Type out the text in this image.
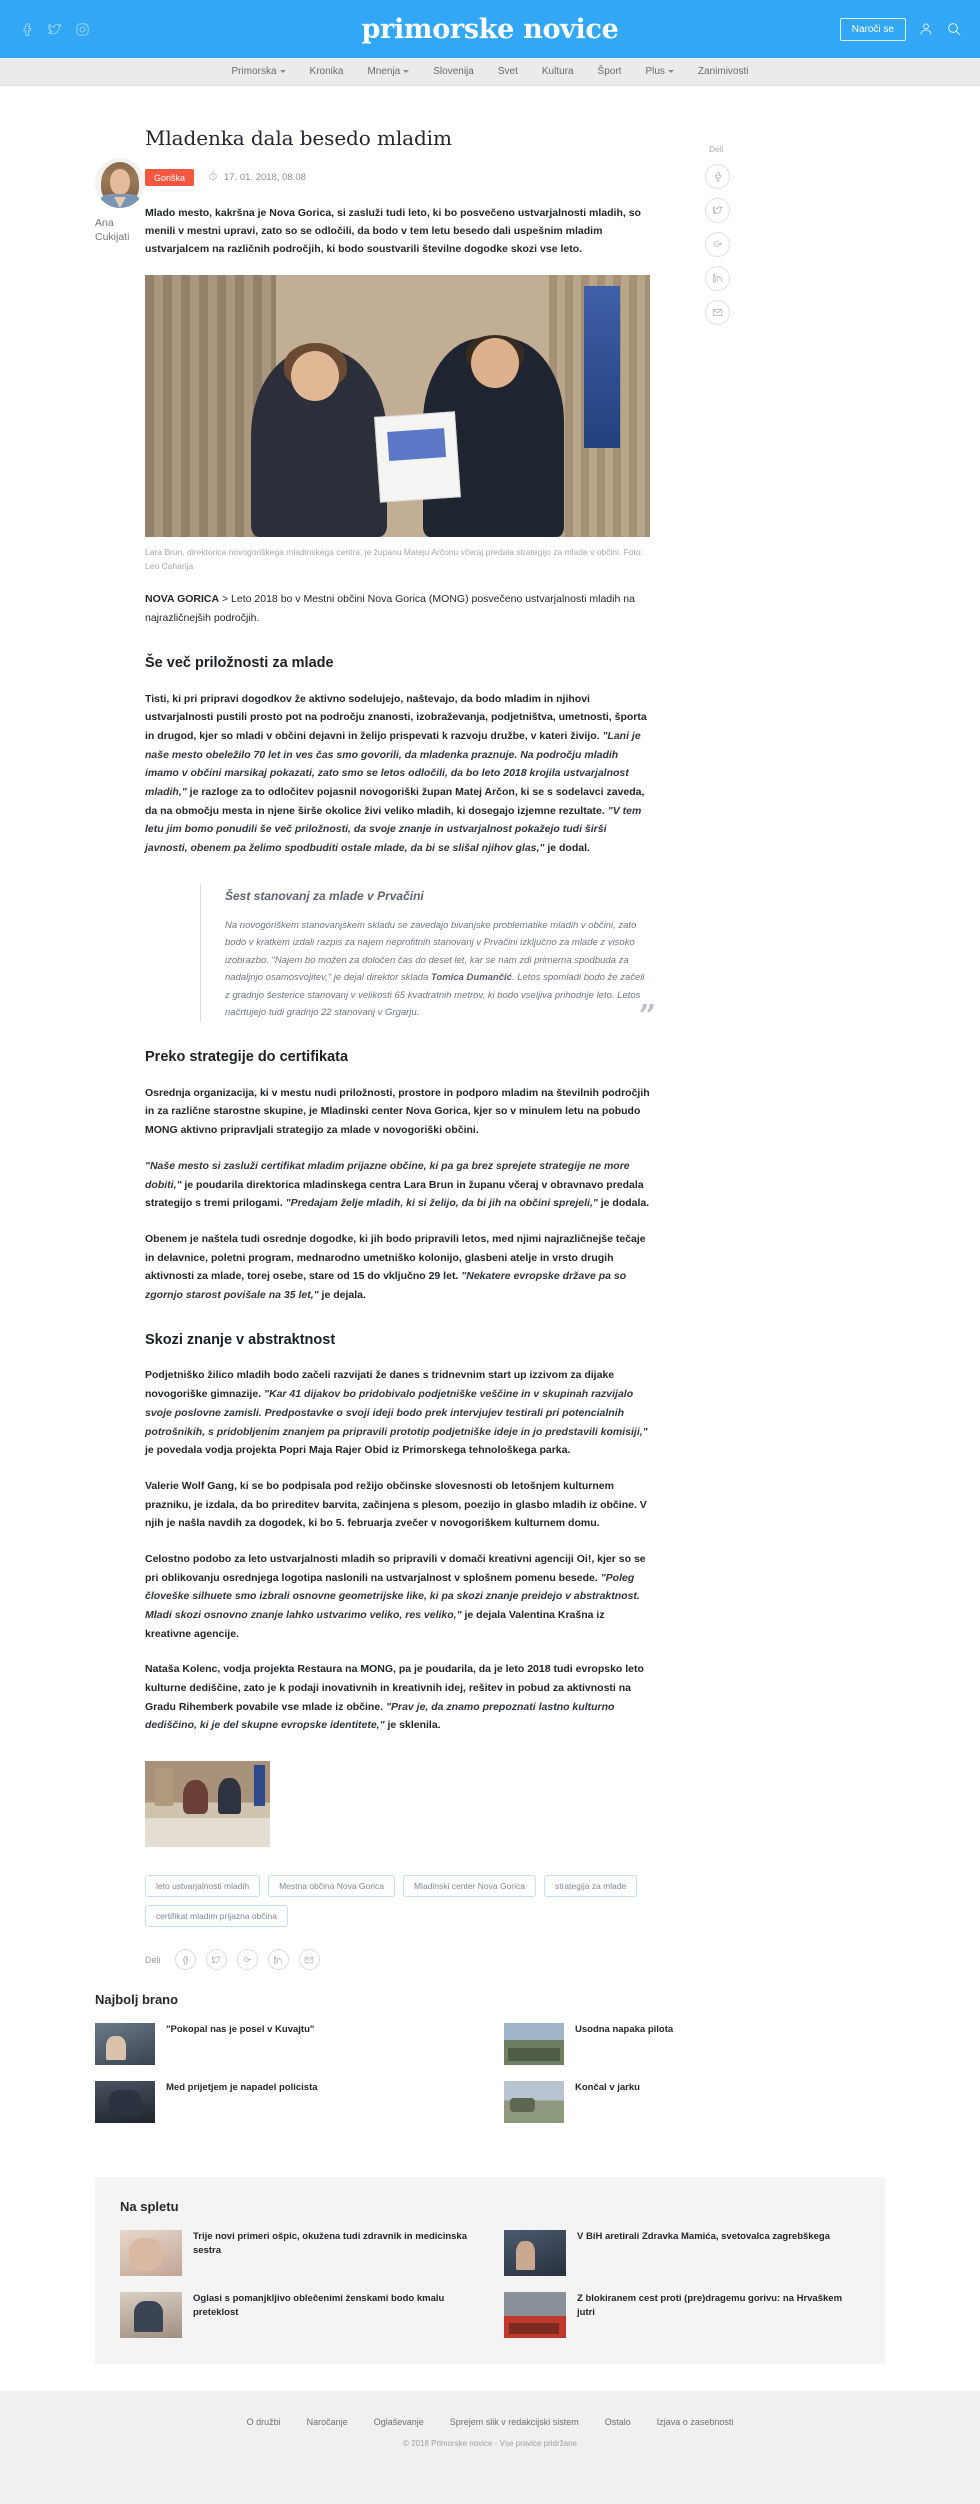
primorske novice	Naroči se
Primorska	Kronika Mnenja	Slovenija Svet Kultura Šport Plus	Zanimivosti
Ana Cukijati
Mladenka dala besedo mladim
Goriška	17. 01. 2018, 08.08

Mlado mesto, kakršna je Nova Gorica, si zasluži tudi leto, ki bo posvečeno ustvarjalnosti mladih, so menili v mestni upravi, zato so se odločili, da bodo v tem letu besedo dali uspešnim mladim ustvarjalcem na različnih področjih, ki bodo soustvarili številne dogodke skozi vse leto.

Lara Brun, direktorica novogoriškega mladinskega centra, je županu Mateju Arčonu včeraj predala strategijo za mlade v občini. Foto: Leo Caharija

NOVA GORICA > Leto 2018 bo v Mestni občini Nova Gorica (MONG) posvečeno ustvarjalnosti mladih na najrazličnejših področjih.

Še več priložnosti za mlade

Tisti, ki pri pripravi dogodkov že aktivno sodelujejo, naštevajo, da bodo mladim in njihovi ustvarjalnosti pustili prosto pot na področju znanosti, izobraževanja, podjetništva, umetnosti, športa in drugod, kjer so mladi v občini dejavni in želijo prispevati k razvoju družbe, v kateri živijo. "Lani je naše mesto obeležilo 70 let in ves čas smo govorili, da mladenka praznuje. Na področju mladih imamo v občini marsikaj pokazati, zato smo se letos odločili, da bo leto 2018 krojila ustvarjalnost mladih," je razloge za to odločitev pojasnil novogoriški župan Matej Arčon, ki se s sodelavci zaveda, da na območju mesta in njene širše okolice živi veliko mladih, ki dosegajo izjemne rezultate. "V tem letu jim bomo ponudili še več priložnosti, da svoje znanje in ustvarjalnost pokažejo tudi širši javnosti, obenem pa želimo spodbuditi ostale mlade, da bi se slišal njihov glas," je dodal.

Šest stanovanj za mlade v Prvačini

Na novogoriškem stanovanjskem skladu se zavedajo bivanjske problematike mladih v občini, zato bodo v kratkem izdali razpis za najem neprofitnih stanovanj v Prvačini izključno za mlade z visoko izobrazbo. "Najem bo možen za določen čas do deset let, kar se nam zdi primerna spodbuda za nadaljnjo osamosvojitev," je dejal direktor sklada Tomica Dumančić. Letos spomladi bodo že začeli z gradnjo šesterice stanovanj v velikosti 65 kvadratnih metrov, ki bodo vseljiva prihodnje leto. Letos načrtujejo tudi gradnjo 22 stanovanj v Grgarju.	”
Preko strategije do certifikata

Osrednja organizacija, ki v mestu nudi priložnosti, prostore in podporo mladim na številnih področjih in za različne starostne skupine, je Mladinski center Nova Gorica, kjer so v minulem letu na pobudo MONG aktivno pripravljali strategijo za mlade v novogoriški občini.

"Naše mesto si zasluži certifikat mladim prijazne občine, ki pa ga brez sprejete strategije ne more dobiti," je poudarila direktorica mladinskega centra Lara Brun in županu včeraj v obravnavo predala strategijo s tremi prilogami. "Predajam želje mladih, ki si želijo, da bi jih na občini sprejeli," je dodala.

Obenem je naštela tudi osrednje dogodke, ki jih bodo pripravili letos, med njimi najrazličnejše tečaje in delavnice, poletni program, mednarodno umetniško kolonijo, glasbeni atelje in vrsto drugih aktivnosti za mlade, torej osebe, stare od 15 do vključno 29 let. "Nekatere evropske države pa so zgornjo starost povišale na 35 let," je dejala.

Skozi znanje v abstraktnost

Podjetniško žilico mladih bodo začeli razvijati že danes s tridnevnim start up izzivom za dijake novogoriške gimnazije. "Kar 41 dijakov bo pridobivalo podjetniške veščine in v skupinah razvijalo svoje poslovne zamisli. Predpostavke o svoji ideji bodo prek intervjujev testirali pri potencialnih potrošnikih, s pridobljenim znanjem pa pripravili prototip podjetniške ideje in jo predstavili komisiji," je povedala vodja projekta Popri Maja Rajer Obid iz Primorskega tehnološkega parka.

Valerie Wolf Gang, ki se bo podpisala pod režijo občinske slovesnosti ob letošnjem kulturnem prazniku, je izdala, da bo prireditev barvita, začinjena s plesom, poezijo in glasbo mladih iz občine. V njih je našla navdih za dogodek, ki bo 5. februarja zvečer v novogoriškem kulturnem domu.

Celostno podobo za leto ustvarjalnosti mladih so pripravili v domači kreativni agenciji Oi!, kjer so se pri oblikovanju osrednjega logotipa naslonili na ustvarjalnost v splošnem pomenu besede. "Poleg človeške silhuete smo izbrali osnovne geometrijske like, ki pa skozi znanje preidejo v abstraktnost. Mladi skozi osnovno znanje lahko ustvarimo veliko, res veliko," je dejala Valentina Krašna iz kreativne agencije.

Nataša Kolenc, vodja projekta Restaura na MONG, pa je poudarila, da je leto 2018 tudi evropsko leto kulturne dediščine, zato je k podaji inovativnih in kreativnih idej, rešitev in pobud za aktivnosti na Gradu Rihemberk povabile vse mlade iz občine. "Prav je, da znamo prepoznati lastno kulturno dediščino, ki je del skupne evropske identitete," je sklenila.

leto ustvarjalnosti mladih	Mestna občina Nova Gorica	Mladinski center Nova Gorica	strategija za mlade
certifikat mladim prijazna občina
Deli
Deli
Najbolj brano
"Pokopal nas je posel v Kuvajtu"	Usodna napaka pilota
Med prijetjem je napadel policista	Končal v jarku
Na spletu
Trije novi primeri ošpic, okužena tudi zdravnik in medicinska sestra
V BiH aretirali Zdravka Mamića, svetovalca zagrebškega
Oglasi s pomanjkljivo oblečenimi ženskami bodo kmalu preteklost
Z blokiranem cest proti (pre)dragemu gorivu: na Hrvaškem jutri
O družbi	Naročanje	Oglaševanje	Sprejem slik v redakcijski sistem	Ostalo	Izjava o zasebnosti
© 2018 Primorske novice - Vse pravice pridržane
